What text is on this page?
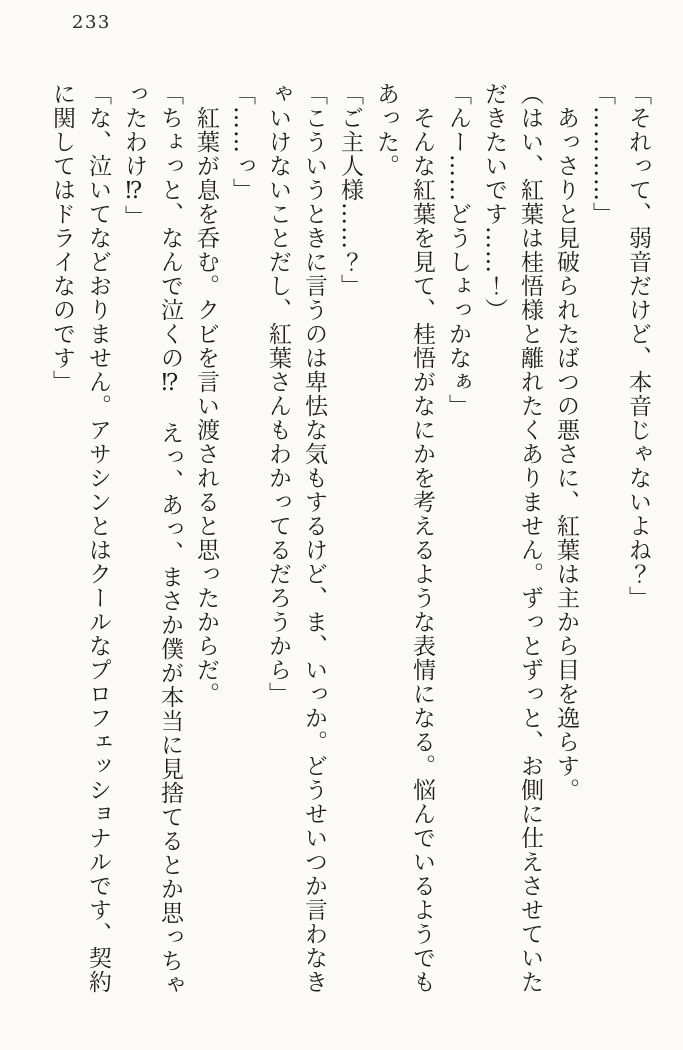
233

「それって、弱音だけど、本音じゃないよね？」

「…………」

　あっさりと見破られたばつの悪さに、紅葉は主から目を逸らす。

（はい、紅葉は桂悟様と離れたくありません。ずっとずっと、お側に仕えさせていた

だきたいです……！）

「んー……どうしょっかなぁ」

　そんな紅葉を見て、桂悟がなにかを考えるような表情になる。悩んでいるようでも

あった。

「ご主人様……？」

「こういうときに言うのは卑怯な気もするけど、ま、いっか。どうせいつか言わなき

ゃいけないことだし、紅葉さんもわかってるだろうから」

「……っ」

　紅葉が息を呑む。クビを言い渡されると思ったからだ。

「ちょっと、なんで泣くの⁉　えっ、あっ、まさか僕が本当に見捨てるとか思っちゃ

ったわけ⁉」

「な、泣いてなどおりません。アサシンとはクールなプロフェッショナルです、契約

に関してはドライなのです」
